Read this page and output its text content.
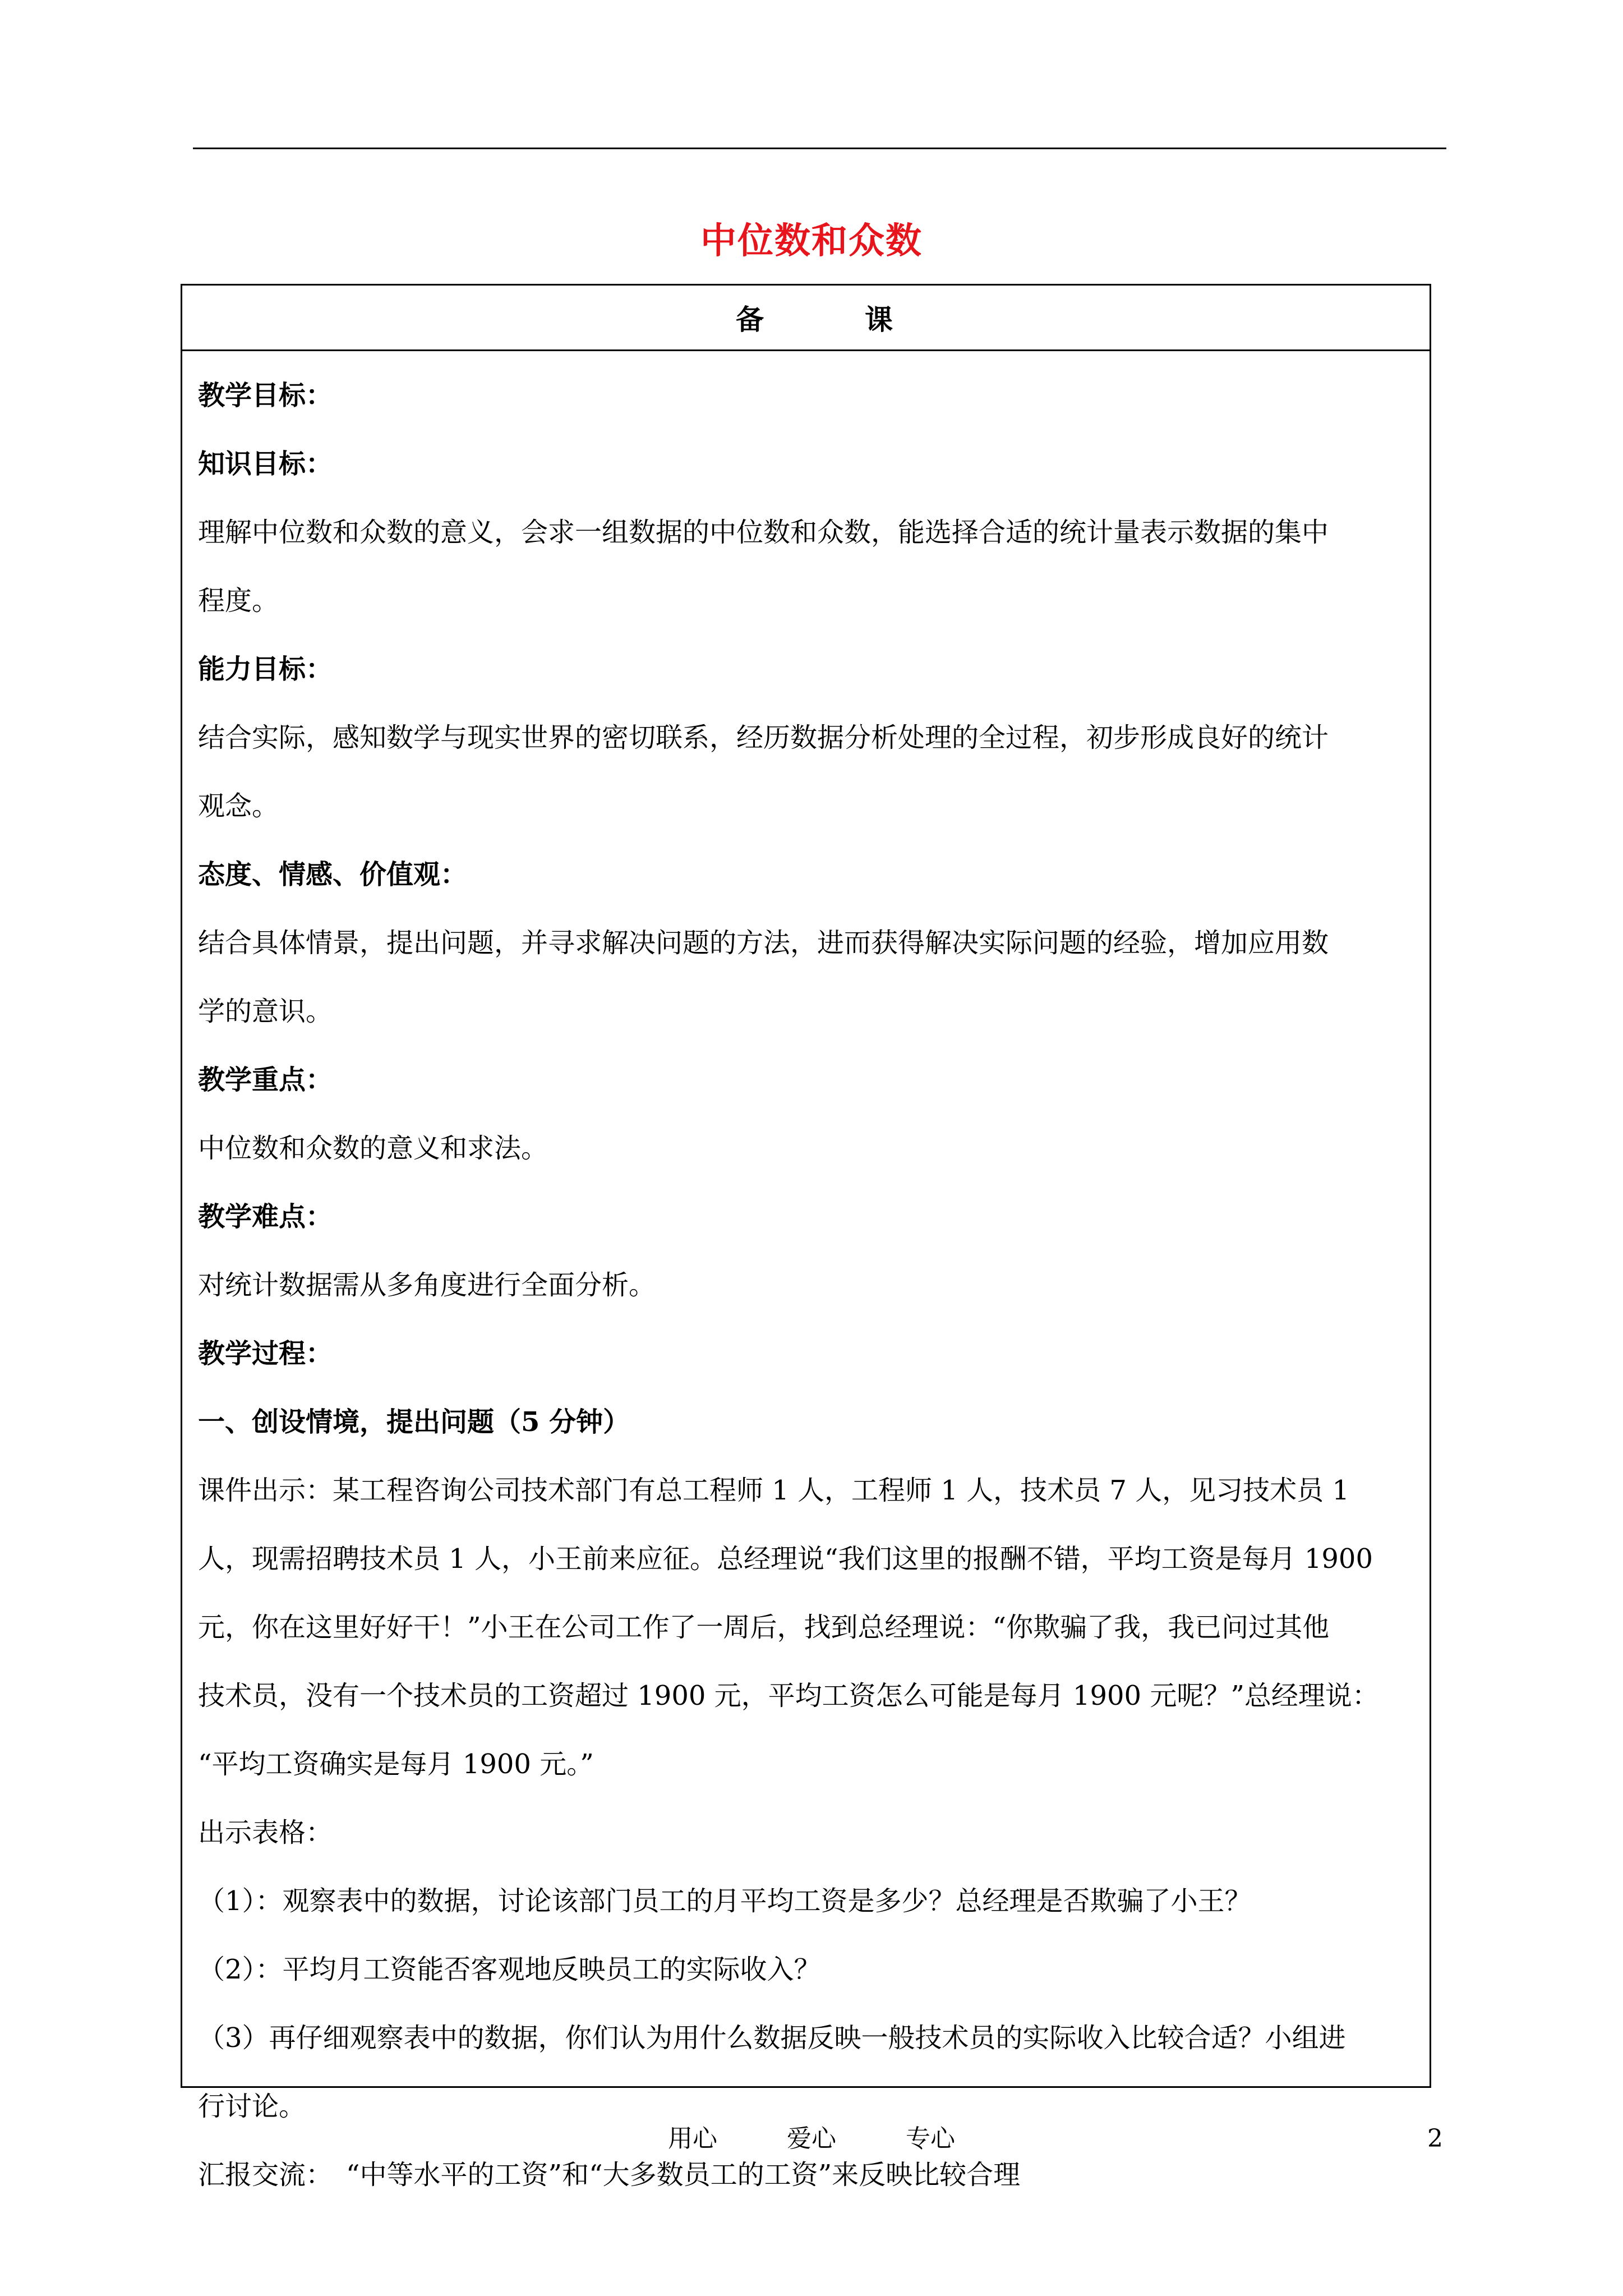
中位数和众数
备	课

教学目标：

知识目标：

理解中位数和众数的意义，会求一组数据的中位数和众数，能选择合适的统计量表示数据的集中

程度。

能力目标：

结合实际，感知数学与现实世界的密切联系，经历数据分析处理的全过程，初步形成良好的统计

观念。

态度、情感、价值观：

结合具体情景，提出问题，并寻求解决问题的方法，进而获得解决实际问题的经验，增加应用数

学的意识。

教学重点：

中位数和众数的意义和求法。

教学难点：

对统计数据需从多角度进行全面分析。

教学过程：

一、创设情境，提出问题（5 分钟）

课件出示：某工程咨询公司技术部门有总工程师 1 人，工程师 1 人，技术员 7 人，见习技术员 1

人，现需招聘技术员 1 人，小王前来应征。总经理说“我们这里的报酬不错，平均工资是每月 1900

元，你在这里好好干！”小王在公司工作了一周后，找到总经理说：“你欺骗了我，我已问过其他

技术员，没有一个技术员的工资超过 1900 元，平均工资怎么可能是每月 1900 元呢？”总经理说：

“平均工资确实是每月 1900 元。”

出示表格：

（1）：观察表中的数据，讨论该部门员工的月平均工资是多少？总经理是否欺骗了小王？

（2）：平均月工资能否客观地反映员工的实际收入？

（3）再仔细观察表中的数据，你们认为用什么数据反映一般技术员的实际收入比较合适？小组进

行讨论。

汇报交流：　“中等水平的工资”和“大多数员工的工资”来反映比较合理

用心	爱心	专心	2
